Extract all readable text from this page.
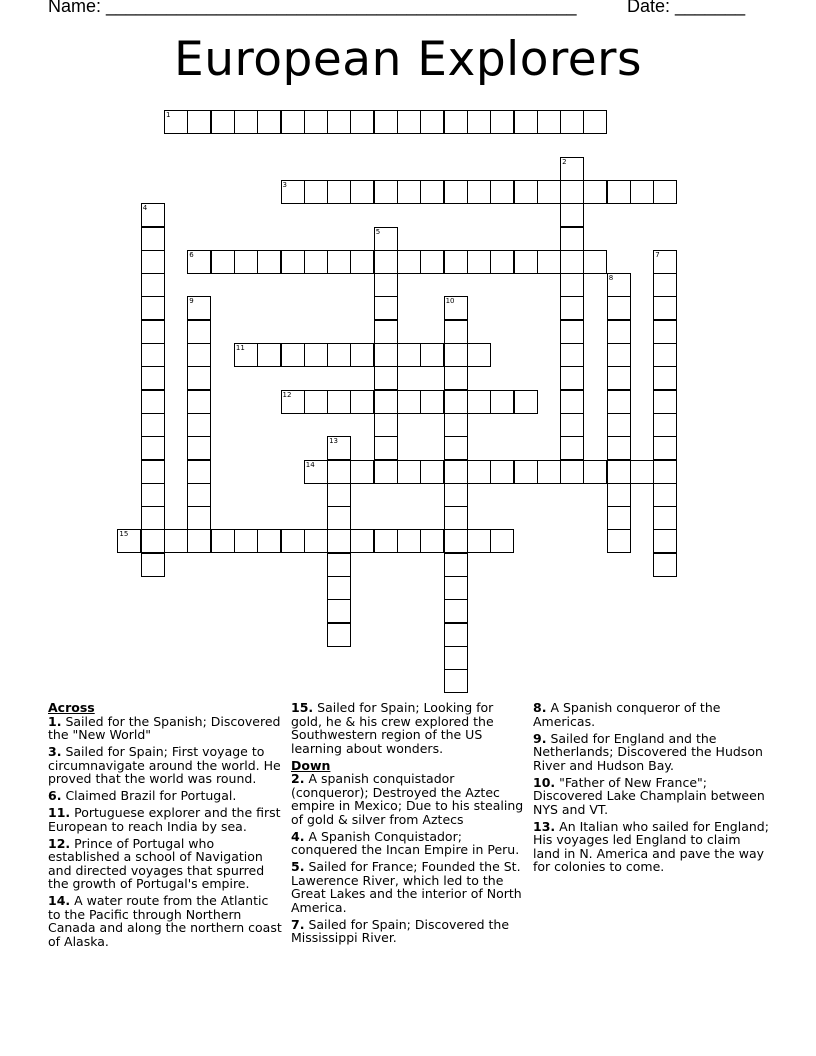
Name: _______________________________________________	Date: _______
European Explorers
1
2
3
4
5
6	7
8
9	10
11
12
13
14
15
Across
1. Sailed for the Spanish; Discovered the "New World"
3. Sailed for Spain; First voyage to circumnavigate around the world. He proved that the world was round.
6. Claimed Brazil for Portugal.
11. Portuguese explorer and the first European to reach India by sea.
12. Prince of Portugal who established a school of Navigation and directed voyages that spurred the growth of Portugal's empire.
14. A water route from the Atlantic to the Pacific through Northern Canada and along the northern coast of Alaska.
15. Sailed for Spain; Looking for gold, he & his crew explored the Southwestern region of the US learning about wonders.
Down
2. A spanish conquistador (conqueror); Destroyed the Aztec empire in Mexico; Due to his stealing of gold & silver from Aztecs
4. A Spanish Conquistador; conquered the Incan Empire in Peru.
5. Sailed for France; Founded the St. Lawerence River, which led to the Great Lakes and the interior of North America.
7. Sailed for Spain; Discovered the Mississippi River.
8. A Spanish conqueror of the Americas.
9. Sailed for England and the Netherlands; Discovered the Hudson River and Hudson Bay.
10. "Father of New France"; Discovered Lake Champlain between NYS and VT.
13. An Italian who sailed for England; His voyages led England to claim land in N. America and pave the way for colonies to come.
